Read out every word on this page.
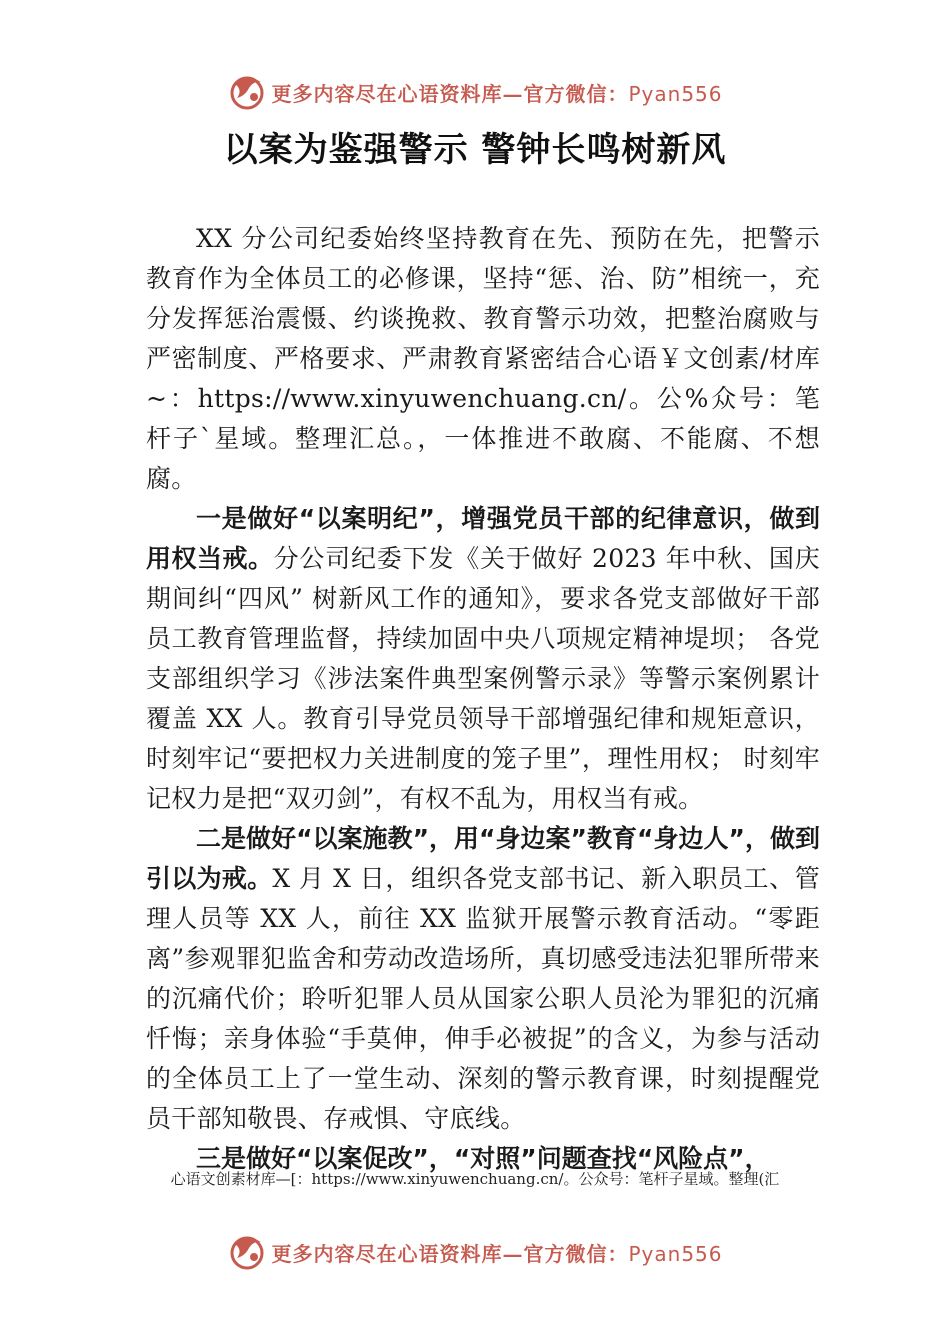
更多内容尽在心语资料库—官方微信：Pyan556
以案为鉴强警示 警钟长鸣树新风

XX 分公司纪委始终坚持教育在先、预防在先，把警示教育作为全体员工的必修课，坚持“惩、治、防”相统一，充分发挥惩治震慑、约谈挽救、教育警示功效，把整治腐败与严密制度、严格要求、严肃教育紧密结合心语￥文创素/材库~：https://www.xinyuwenchuang.cn/。公%众号：笔杆子`星域。整理汇总。，一体推进不敢腐、不能腐、不想腐。

一是做好“以案明纪”，增强党员干部的纪律意识，做到用权当戒。分公司纪委下发《关于做好 2023 年中秋、国庆期间纠“四风” 树新风工作的通知》，要求各党支部做好干部员工教育管理监督，持续加固中央八项规定精神堤坝； 各党支部组织学习《涉法案件典型案例警示录》等警示案例累计覆盖 XX 人。教育引导党员领导干部增强纪律和规矩意识，时刻牢记“要把权力关进制度的笼子里”，理性用权； 时刻牢记权力是把“双刃剑”，有权不乱为，用权当有戒。

二是做好“以案施教”，用“身边案”教育“身边人”，做到引以为戒。X 月 X 日，组织各党支部书记、新入职员工、管理人员等 XX 人，前往 XX 监狱开展警示教育活动。“零距离”参观罪犯监舍和劳动改造场所，真切感受违法犯罪所带来的沉痛代价；聆听犯罪人员从国家公职人员沦为罪犯的沉痛忏悔；亲身体验“手莫伸，伸手必被捉”的含义，为参与活动的全体员工上了一堂生动、深刻的警示教育课，时刻提醒党员干部知敬畏、存戒惧、守底线。

三是做好“以案促改”，“对照”问题查找“风险点”，

心语文创素材库—[：https://www.xinyuwenchuang.cn/。公众号：笔杆子星域。整理(汇
更多内容尽在心语资料库—官方微信：Pyan556
